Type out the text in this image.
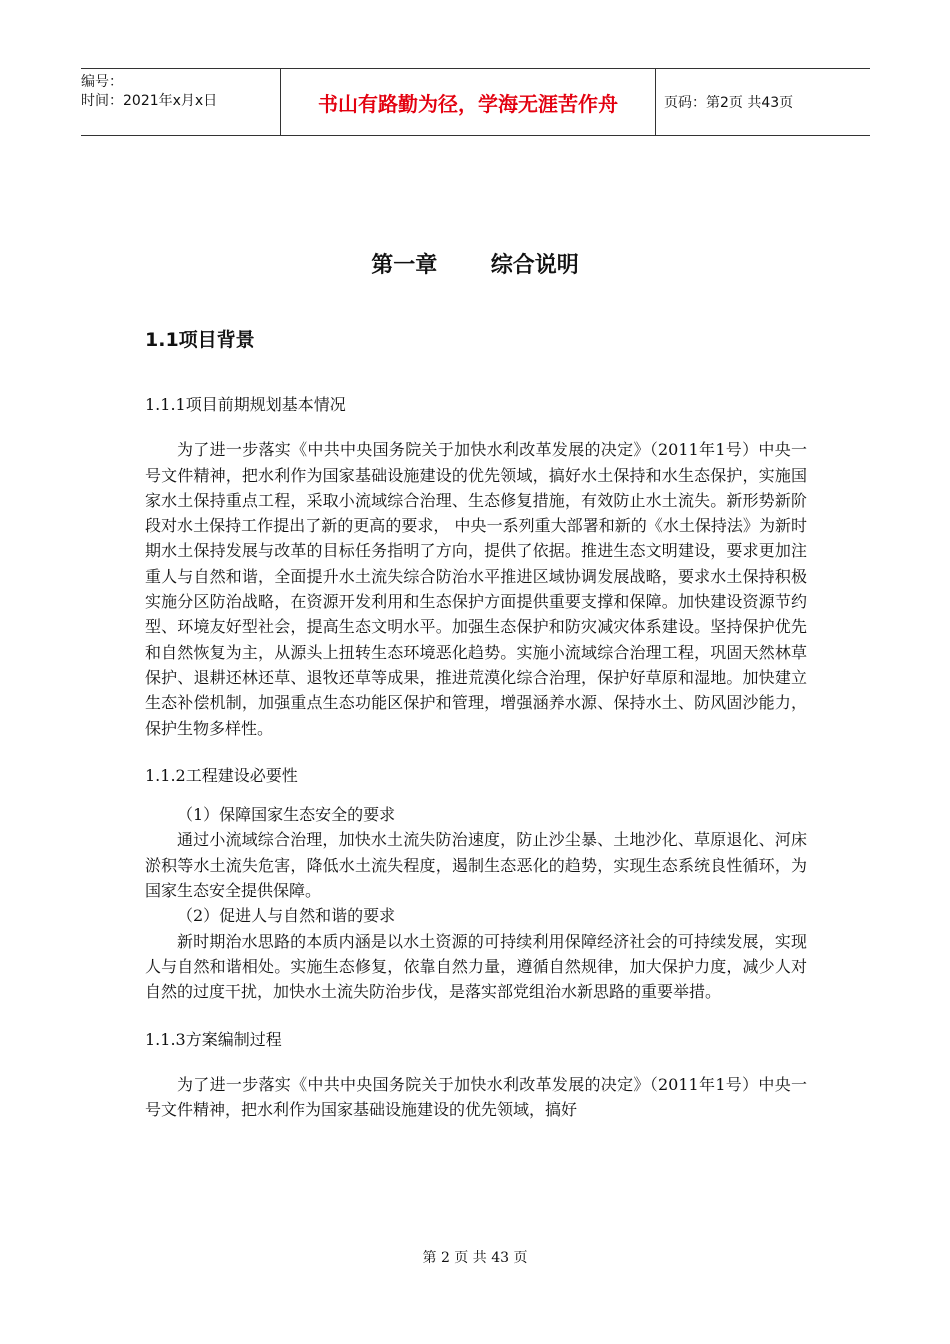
编号：
时间：2021年x月x日	书山有路勤为径，学海无涯苦作舟	页码：第2页 共43页
第一章       综合说明
1.1项目背景

1.1.1项目前期规划基本情况

为了进一步落实《中共中央国务院关于加快水利改革发展的决定》（2011年1号）中央一号文件精神，把水利作为国家基础设施建设的优先领域，搞好水土保持和水生态保护，实施国家水土保持重点工程，采取小流域综合治理、生态修复措施，有效防止水土流失。新形势新阶段对水土保持工作提出了新的更高的要求， 中央一系列重大部署和新的《水土保持法》为新时期水土保持发展与改革的目标任务指明了方向，提供了依据。推进生态文明建设，要求更加注重人与自然和谐，全面提升水土流失综合防治水平推进区域协调发展战略，要求水土保持积极实施分区防治战略，在资源开发利用和生态保护方面提供重要支撑和保障。加快建设资源节约型、环境友好型社会，提高生态文明水平。加强生态保护和防灾减灾体系建设。坚持保护优先和自然恢复为主，从源头上扭转生态环境恶化趋势。实施小流域综合治理工程，巩固天然林草保护、退耕还林还草、退牧还草等成果，推进荒漠化综合治理，保护好草原和湿地。加快建立生态补偿机制，加强重点生态功能区保护和管理，增强涵养水源、保持水土、防风固沙能力，保护生物多样性。

1.1.2工程建设必要性

（1）保障国家生态安全的要求

通过小流域综合治理，加快水土流失防治速度，防止沙尘暴、土地沙化、草原退化、河床淤积等水土流失危害，降低水土流失程度，遏制生态恶化的趋势，实现生态系统良性循环，为国家生态安全提供保障。

（2）促进人与自然和谐的要求

新时期治水思路的本质内涵是以水土资源的可持续利用保障经济社会的可持续发展，实现人与自然和谐相处。实施生态修复，依靠自然力量，遵循自然规律，加大保护力度，减少人对自然的过度干扰，加快水土流失防治步伐，是落实部党组治水新思路的重要举措。

1.1.3方案编制过程

为了进一步落实《中共中央国务院关于加快水利改革发展的决定》（2011年1号）中央一号文件精神，把水利作为国家基础设施建设的优先领域，搞好

第 2 页 共 43 页
